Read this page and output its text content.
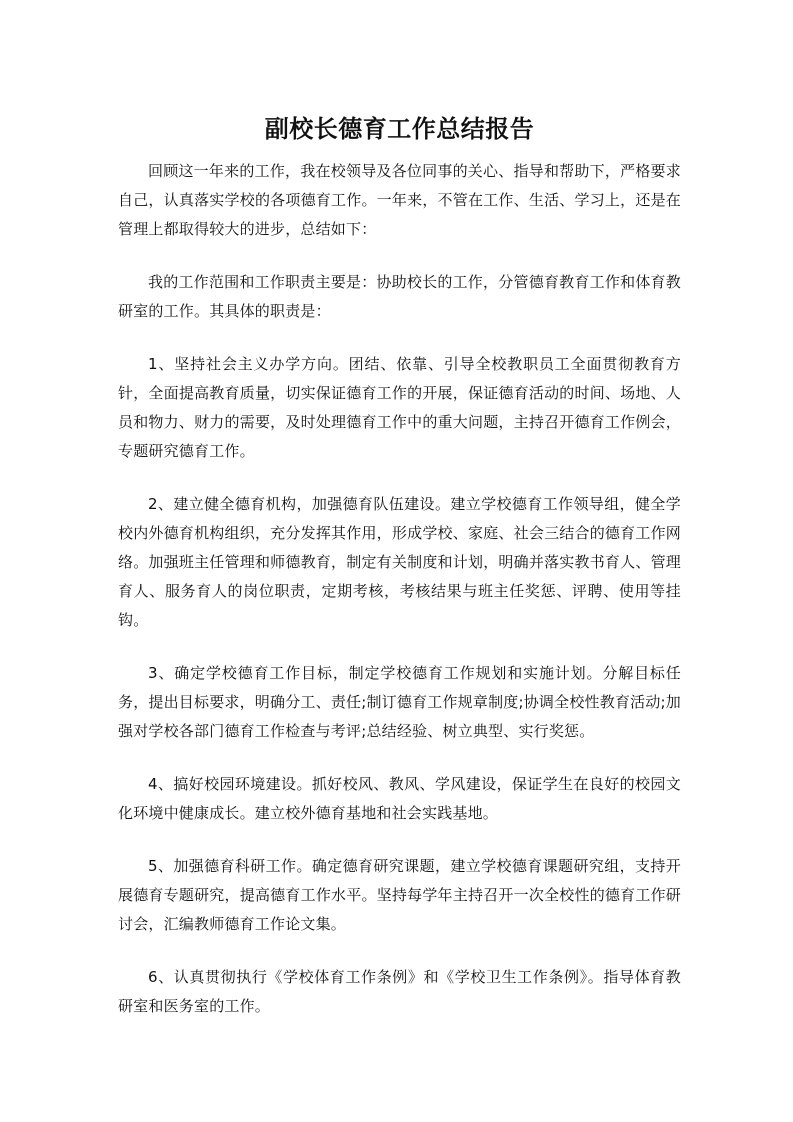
副校长德育工作总结报告

回顾这一年来的工作，我在校领导及各位同事的关心、指导和帮助下，严格要求自己，认真落实学校的各项德育工作。一年来，不管在工作、生活、学习上，还是在管理上都取得较大的进步，总结如下：

我的工作范围和工作职责主要是：协助校长的工作，分管德育教育工作和体育教研室的工作。其具体的职责是：

1、坚持社会主义办学方向。团结、依靠、引导全校教职员工全面贯彻教育方针，全面提高教育质量，切实保证德育工作的开展，保证德育活动的时间、场地、人员和物力、财力的需要，及时处理德育工作中的重大问题，主持召开德育工作例会，专题研究德育工作。

2、建立健全德育机构，加强德育队伍建设。建立学校德育工作领导组，健全学校内外德育机构组织，充分发挥其作用，形成学校、家庭、社会三结合的德育工作网络。加强班主任管理和师德教育，制定有关制度和计划，明确并落实教书育人、管理育人、服务育人的岗位职责，定期考核，考核结果与班主任奖惩、评聘、使用等挂钩。

3、确定学校德育工作目标，制定学校德育工作规划和实施计划。分解目标任务，提出目标要求，明确分工、责任;制订德育工作规章制度;协调全校性教育活动;加强对学校各部门德育工作检查与考评;总结经验、树立典型、实行奖惩。

4、搞好校园环境建设。抓好校风、教风、学风建设，保证学生在良好的校园文化环境中健康成长。建立校外德育基地和社会实践基地。

5、加强德育科研工作。确定德育研究课题，建立学校德育课题研究组，支持开展德育专题研究，提高德育工作水平。坚持每学年主持召开一次全校性的德育工作研讨会，汇编教师德育工作论文集。

6、认真贯彻执行《学校体育工作条例》和《学校卫生工作条例》。指导体育教研室和医务室的工作。
